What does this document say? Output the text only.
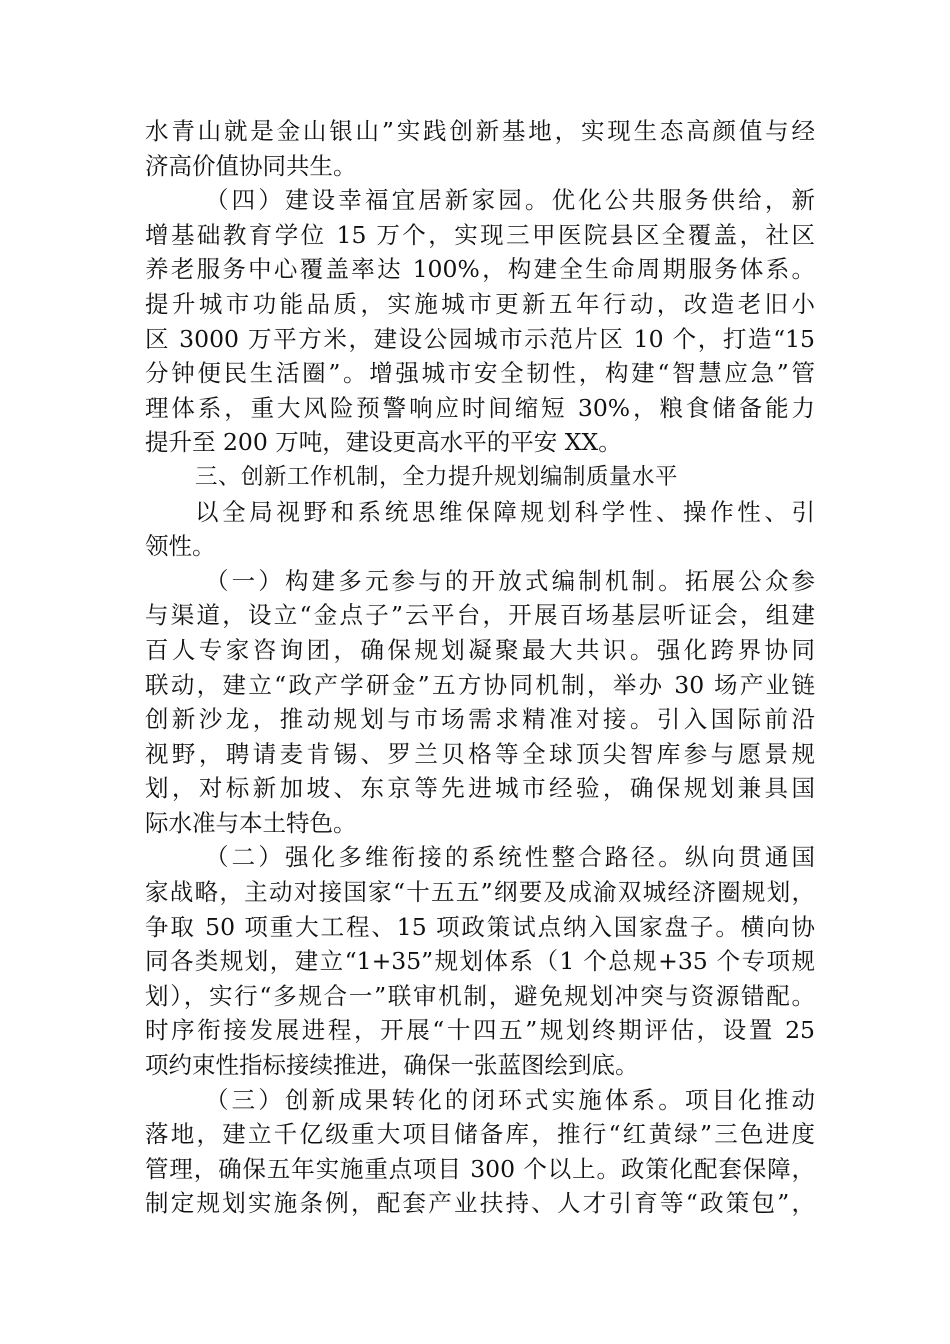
水青山就是金山银山”实践创新基地，实现生态高颜值与经
济高价值协同共生。
（四）建设幸福宜居新家园。优化公共服务供给，新
增基础教育学位 15 万个，实现三甲医院县区全覆盖，社区
养老服务中心覆盖率达 100%，构建全生命周期服务体系。
提升城市功能品质，实施城市更新五年行动，改造老旧小
区 3000 万平方米，建设公园城市示范片区 10 个，打造“15
分钟便民生活圈”。增强城市安全韧性，构建“智慧应急”管
理体系，重大风险预警响应时间缩短 30%，粮食储备能力
提升至 200 万吨，建设更高水平的平安 XX。
三、创新工作机制，全力提升规划编制质量水平
以全局视野和系统思维保障规划科学性、操作性、引
领性。
（一）构建多元参与的开放式编制机制。拓展公众参
与渠道，设立“金点子”云平台，开展百场基层听证会，组建
百人专家咨询团，确保规划凝聚最大共识。强化跨界协同
联动，建立“政产学研金”五方协同机制，举办 30 场产业链
创新沙龙，推动规划与市场需求精准对接。引入国际前沿
视野，聘请麦肯锡、罗兰贝格等全球顶尖智库参与愿景规
划，对标新加坡、东京等先进城市经验，确保规划兼具国
际水准与本土特色。
（二）强化多维衔接的系统性整合路径。纵向贯通国
家战略，主动对接国家“十五五”纲要及成渝双城经济圈规划，
争取 50 项重大工程、15 项政策试点纳入国家盘子。横向协
同各类规划，建立“1+35”规划体系（1 个总规+35 个专项规
划），实行“多规合一”联审机制，避免规划冲突与资源错配。
时序衔接发展进程，开展“十四五”规划终期评估，设置 25
项约束性指标接续推进，确保一张蓝图绘到底。
（三）创新成果转化的闭环式实施体系。项目化推动
落地，建立千亿级重大项目储备库，推行“红黄绿”三色进度
管理，确保五年实施重点项目 300 个以上。政策化配套保障，
制定规划实施条例，配套产业扶持、人才引育等“政策包”，
